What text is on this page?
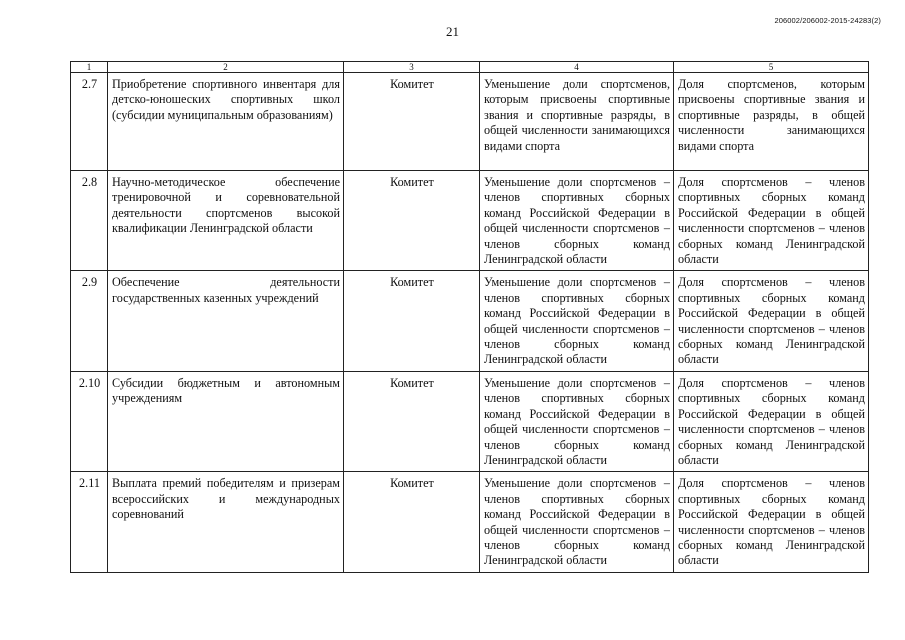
21
206002/206002-2015-24283(2)
1	2	3	4	5
2.7	Приобретение спортивного инвентаря для детско-юношеских спортивных школ (субсидии муниципальным образованиям)	Комитет	Уменьшение доли спортсменов, которым присвоены спортивные звания и спортивные разряды, в общей численности занимающихся видами спорта	Доля спортсменов, которым присвоены спортивные звания и спортивные разряды, в общей численности занимающихся видами спорта
2.8	Научно-методическое обеспечение тренировочной и соревновательной деятельности спортсменов высокой квалификации Ленинградской области	Комитет	Уменьшение доли спортсменов – членов спортивных сборных команд Российской Федерации в общей численности спортсменов – членов сборных команд Ленинградской области	Доля спортсменов – членов спортивных сборных команд Российской Федерации в общей численности спортсменов – членов сборных команд Ленинградской области
2.9	Обеспечение деятельности государственных казенных учреждений	Комитет	Уменьшение доли спортсменов – членов спортивных сборных команд Российской Федерации в общей численности спортсменов – членов сборных команд Ленинградской области	Доля спортсменов – членов спортивных сборных команд Российской Федерации в общей численности спортсменов – членов сборных команд Ленинградской области
2.10	Субсидии бюджетным и автономным учреждениям	Комитет	Уменьшение доли спортсменов – членов спортивных сборных команд Российской Федерации в общей численности спортсменов – членов сборных команд Ленинградской области	Доля спортсменов – членов спортивных сборных команд Российской Федерации в общей численности спортсменов – членов сборных команд Ленинградской области
2.11	Выплата премий победителям и призерам всероссийских и международных соревнований	Комитет	Уменьшение доли спортсменов – членов спортивных сборных команд Российской Федерации в общей численности спортсменов – членов сборных команд Ленинградской области	Доля спортсменов – членов спортивных сборных команд Российской Федерации в общей численности спортсменов – членов сборных команд Ленинградской области
